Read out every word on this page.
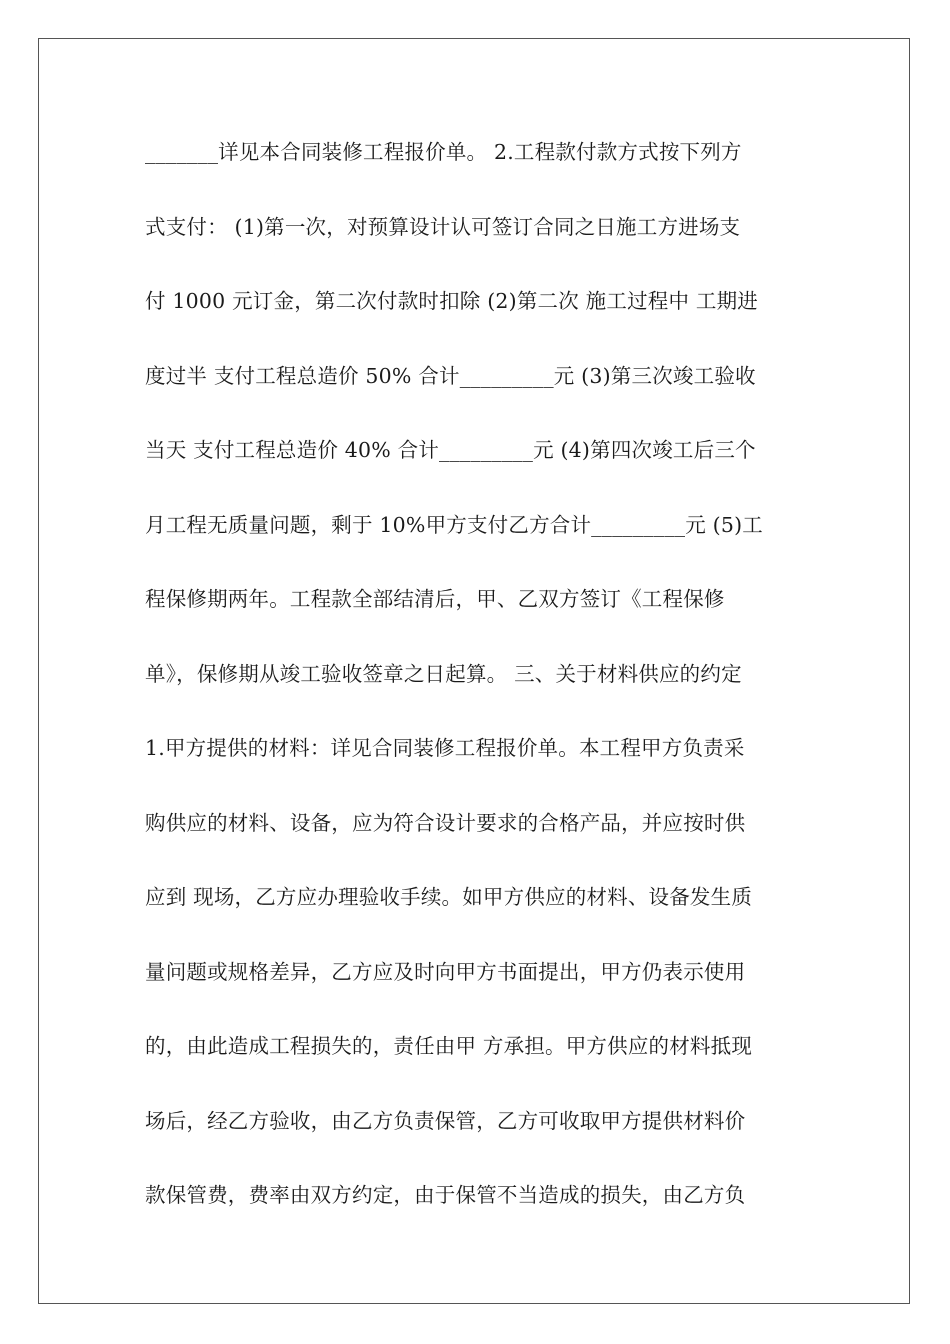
_______详见本合同装修工程报价单。 2.工程款付款方式按下列方
式支付： (1)第一次，对预算设计认可签订合同之日施工方进场支
付 1000 元订金，第二次付款时扣除 (2)第二次 施工过程中 工期进
度过半 支付工程总造价 50% 合计_________元 (3)第三次竣工验收
当天 支付工程总造价 40% 合计_________元 (4)第四次竣工后三个
月工程无质量问题，剩于 10%甲方支付乙方合计_________元 (5)工
程保修期两年。工程款全部结清后，甲、乙双方签订《工程保修
单》，保修期从竣工验收签章之日起算。 三、关于材料供应的约定
1.甲方提供的材料：详见合同装修工程报价单。本工程甲方负责采
购供应的材料、设备，应为符合设计要求的合格产品，并应按时供
应到 现场，乙方应办理验收手续。如甲方供应的材料、设备发生质
量问题或规格差异，乙方应及时向甲方书面提出，甲方仍表示使用
的，由此造成工程损失的，责任由甲 方承担。甲方供应的材料抵现
场后，经乙方验收，由乙方负责保管，乙方可收取甲方提供材料价
款保管费，费率由双方约定，由于保管不当造成的损失，由乙方负
